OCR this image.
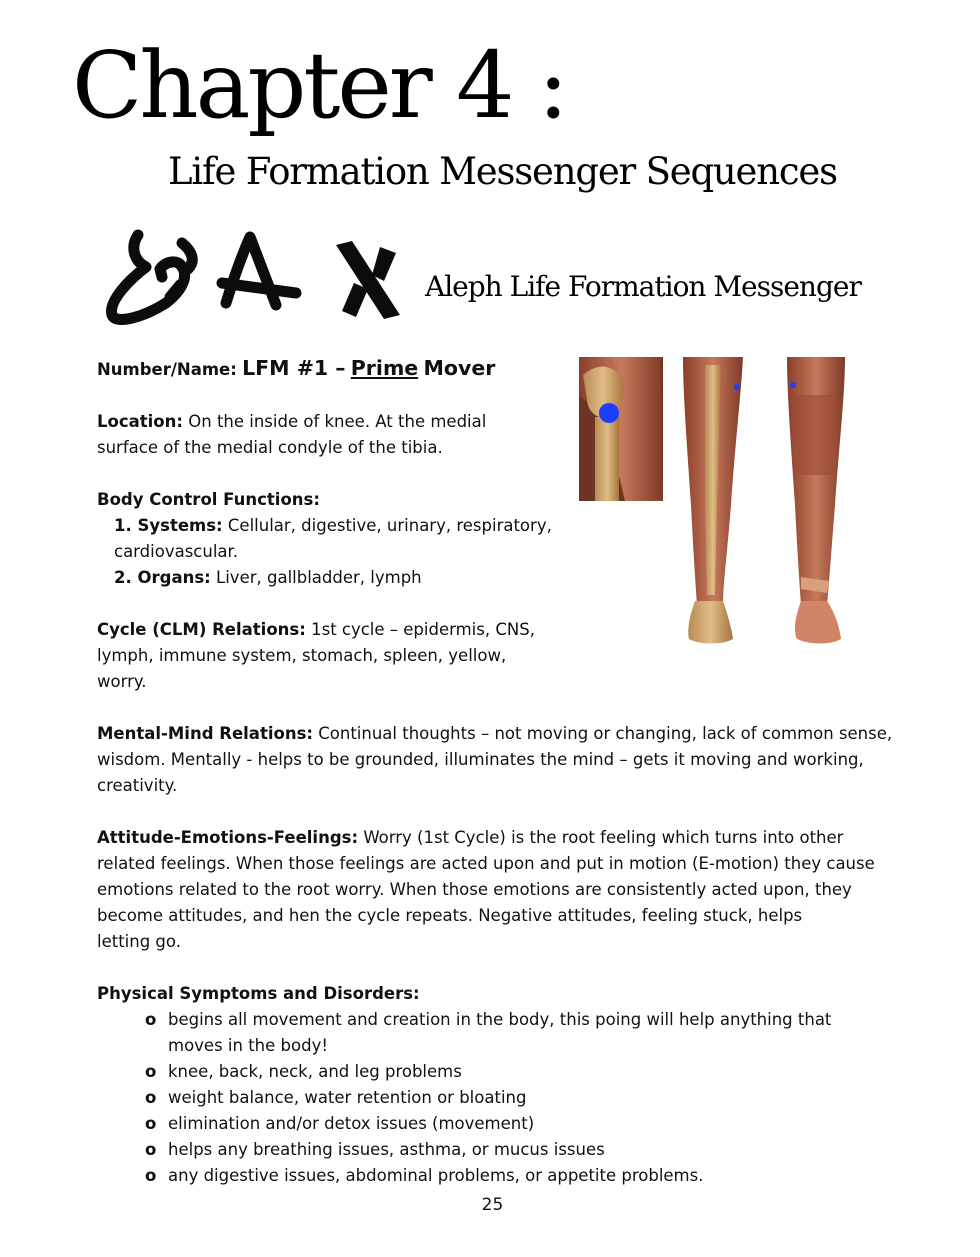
Chapter 4 :
Life Formation Messenger Sequences
Aleph Life Formation Messenger
Number/Name: LFM #1 – Prime Mover
Location: On the inside of knee. At the medial
surface of the medial condyle of the tibia.
Body Control Functions:
1. Systems: Cellular, digestive, urinary, respiratory,
cardiovascular.
2. Organs: Liver, gallbladder, lymph
Cycle (CLM) Relations: 1st cycle – epidermis, CNS,
lymph, immune system, stomach, spleen, yellow,
worry.
Mental-Mind Relations: Continual thoughts – not moving or changing, lack of common sense,
wisdom. Mentally - helps to be grounded, illuminates the mind – gets it moving and working,
creativity.
Attitude-Emotions-Feelings: Worry (1st Cycle) is the root feeling which turns into other
related feelings. When those feelings are acted upon and put in motion (E-motion) they cause
emotions related to the root worry. When those emotions are consistently acted upon, they
become attitudes, and hen the cycle repeats. Negative attitudes, feeling stuck, helps
letting go.
Physical Symptoms and Disorders:
o begins all movement and creation in the body, this poing will help anything that
moves in the body!
o knee, back, neck, and leg problems
o weight balance, water retention or bloating
o elimination and/or detox issues (movement)
o helps any breathing issues, asthma, or mucus issues
o any digestive issues, abdominal problems, or appetite problems.
25
